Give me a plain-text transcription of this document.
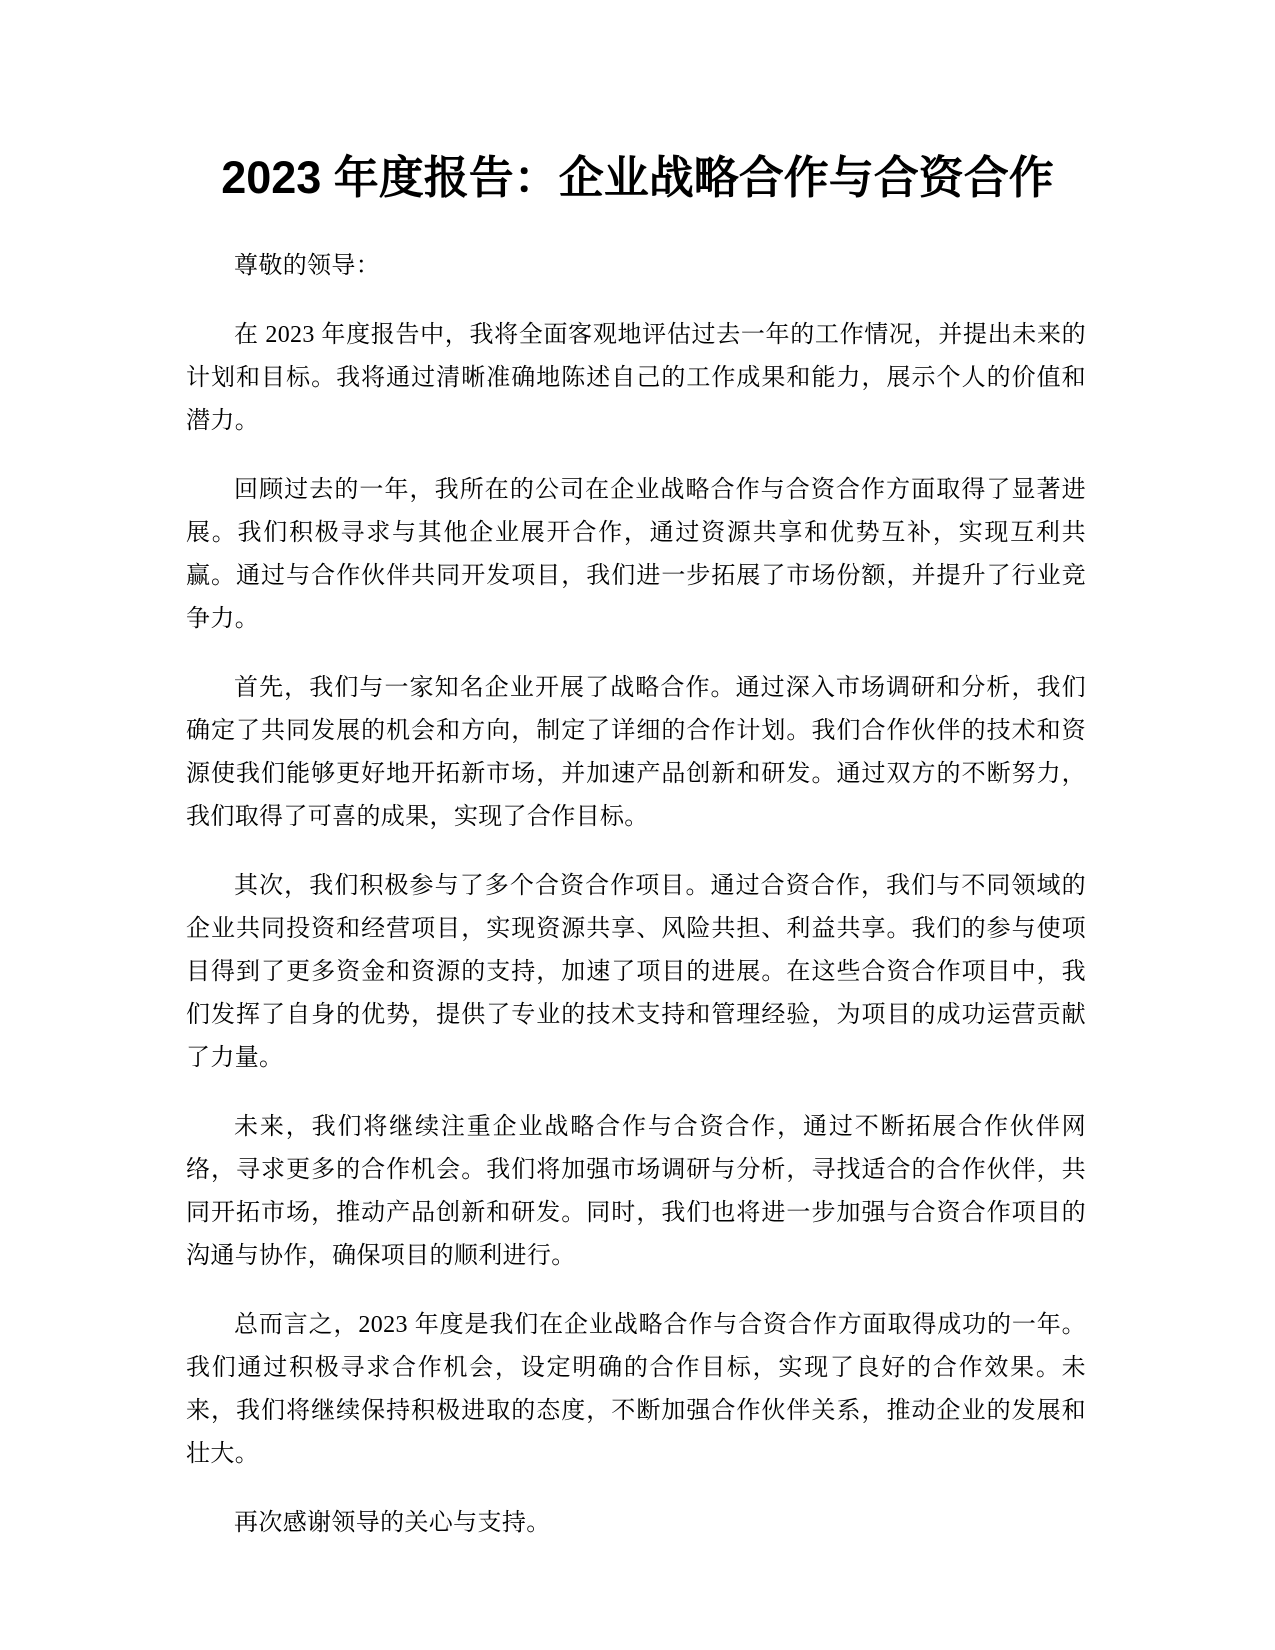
2023 年度报告：企业战略合作与合资合作

尊敬的领导：

在 2023 年度报告中，我将全面客观地评估过去一年的工作情况，并提出未来的计划和目标。我将通过清晰准确地陈述自己的工作成果和能力，展示个人的价值和潜力。

回顾过去的一年，我所在的公司在企业战略合作与合资合作方面取得了显著进展。我们积极寻求与其他企业展开合作，通过资源共享和优势互补，实现互利共赢。通过与合作伙伴共同开发项目，我们进一步拓展了市场份额，并提升了行业竞争力。

首先，我们与一家知名企业开展了战略合作。通过深入市场调研和分析，我们确定了共同发展的机会和方向，制定了详细的合作计划。我们合作伙伴的技术和资源使我们能够更好地开拓新市场，并加速产品创新和研发。通过双方的不断努力，我们取得了可喜的成果，实现了合作目标。

其次，我们积极参与了多个合资合作项目。通过合资合作，我们与不同领域的企业共同投资和经营项目，实现资源共享、风险共担、利益共享。我们的参与使项目得到了更多资金和资源的支持，加速了项目的进展。在这些合资合作项目中，我们发挥了自身的优势，提供了专业的技术支持和管理经验，为项目的成功运营贡献了力量。

未来，我们将继续注重企业战略合作与合资合作，通过不断拓展合作伙伴网络，寻求更多的合作机会。我们将加强市场调研与分析，寻找适合的合作伙伴，共同开拓市场，推动产品创新和研发。同时，我们也将进一步加强与合资合作项目的沟通与协作，确保项目的顺利进行。

总而言之，2023 年度是我们在企业战略合作与合资合作方面取得成功的一年。我们通过积极寻求合作机会，设定明确的合作目标，实现了良好的合作效果。未来，我们将继续保持积极进取的态度，不断加强合作伙伴关系，推动企业的发展和壮大。

再次感谢领导的关心与支持。
